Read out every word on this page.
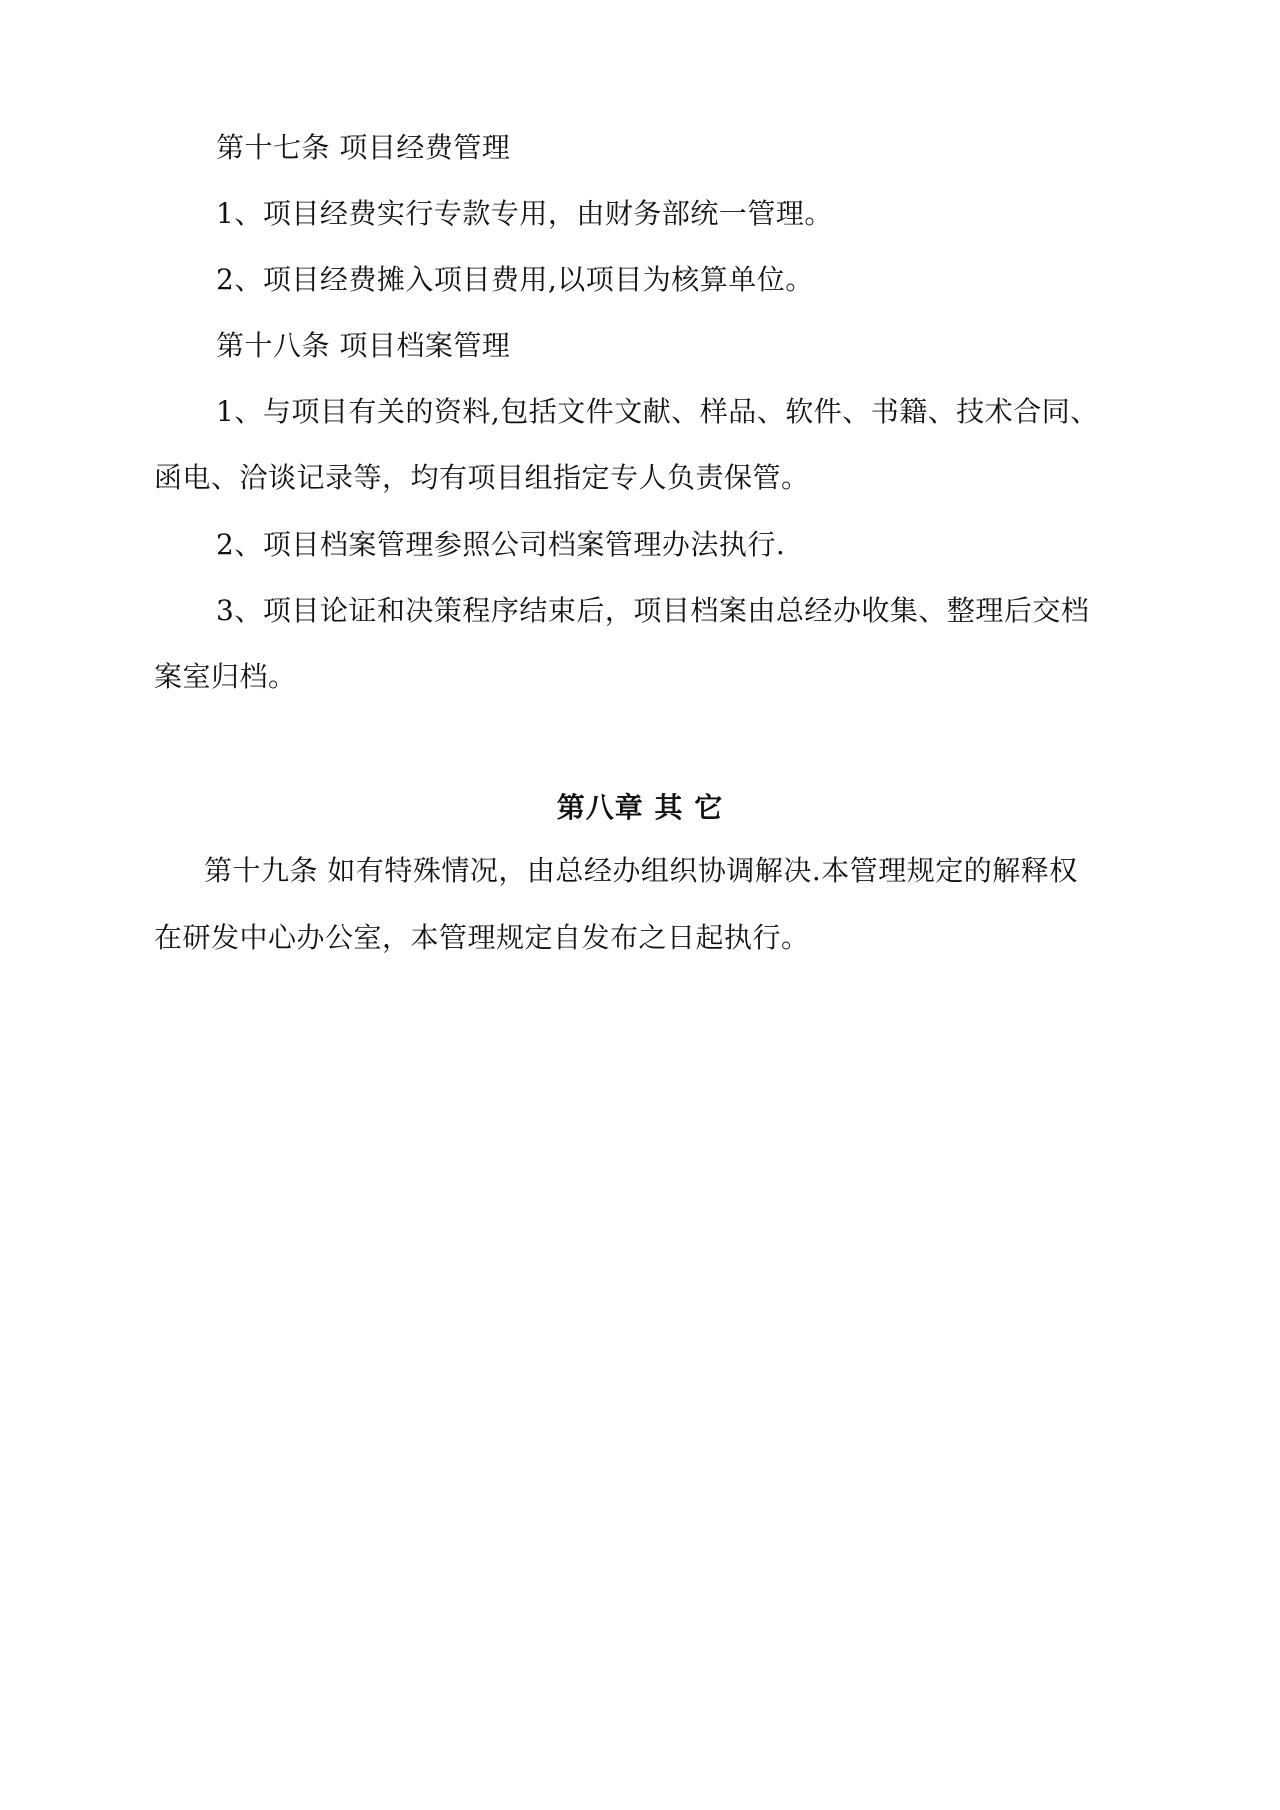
第十七条 项目经费管理
1、项目经费实行专款专用，由财务部统一管理。
2、项目经费摊入项目费用,以项目为核算单位。
第十八条 项目档案管理
1、与项目有关的资料,包括文件文献、样品、软件、书籍、技术合同、
函电、洽谈记录等，均有项目组指定专人负责保管。
2、项目档案管理参照公司档案管理办法执行.
3、项目论证和决策程序结束后，项目档案由总经办收集、整理后交档
案室归档。
第八章 其 它
第十九条 如有特殊情况，由总经办组织协调解决.本管理规定的解释权
在研发中心办公室，本管理规定自发布之日起执行。
